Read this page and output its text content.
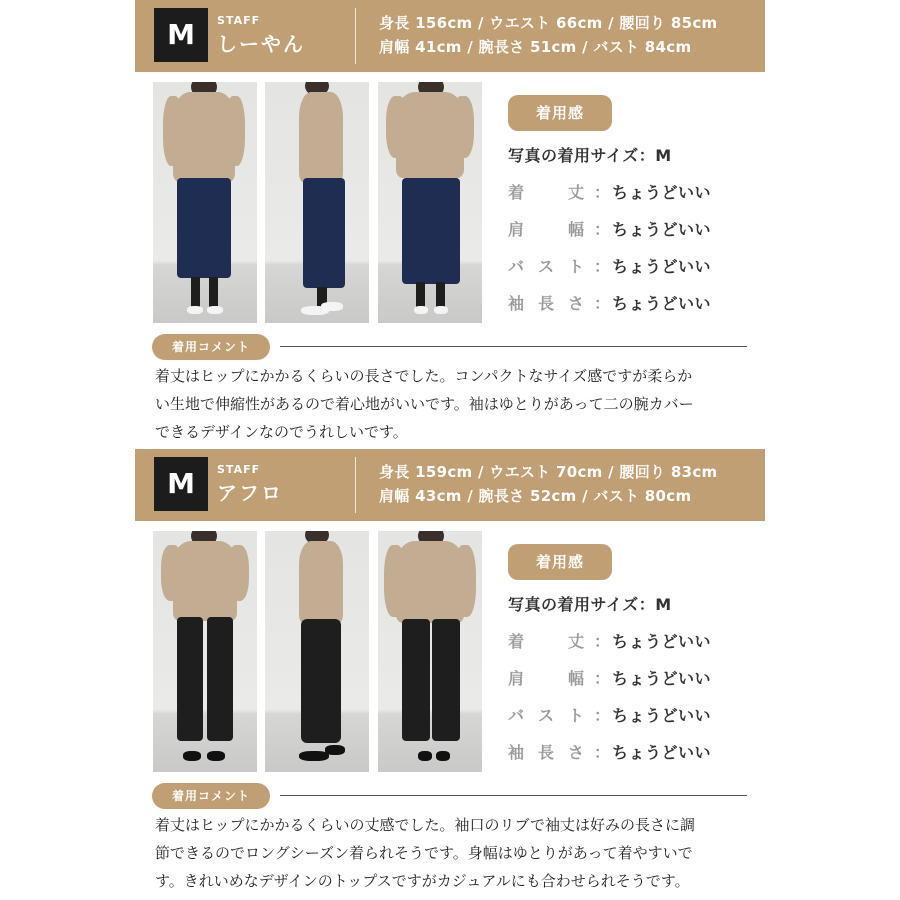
M	STAFF
しーやん
身長 156cm / ウエスト 66cm / 腰回り 85cm
肩幅 41cm / 腕長さ 51cm / バスト 84cm
着用感
写真の着用サイズ：M
着	丈 ： ちょうどいい
肩	幅 ： ちょうどいい
バ ス ト ： ちょうどいい
袖 長 さ ： ちょうどいい
着用コメント
着丈はヒップにかかるくらいの長さでした。コンパクトなサイズ感ですが柔らか
い生地で伸縮性があるので着心地がいいです。袖はゆとりがあって二の腕カバー
できるデザインなのでうれしいです。
M	STAFF
アフロ
身長 159cm / ウエスト 70cm / 腰回り 83cm
肩幅 43cm / 腕長さ 52cm / バスト 80cm
着用感
写真の着用サイズ：M
着	丈 ： ちょうどいい
肩	幅 ： ちょうどいい
バ ス ト ： ちょうどいい
袖 長 さ ： ちょうどいい
着用コメント
着丈はヒップにかかるくらいの丈感でした。袖口のリブで袖丈は好みの長さに調
節できるのでロングシーズン着られそうです。身幅はゆとりがあって着やすいで
す。きれいめなデザインのトップスですがカジュアルにも合わせられそうです。
